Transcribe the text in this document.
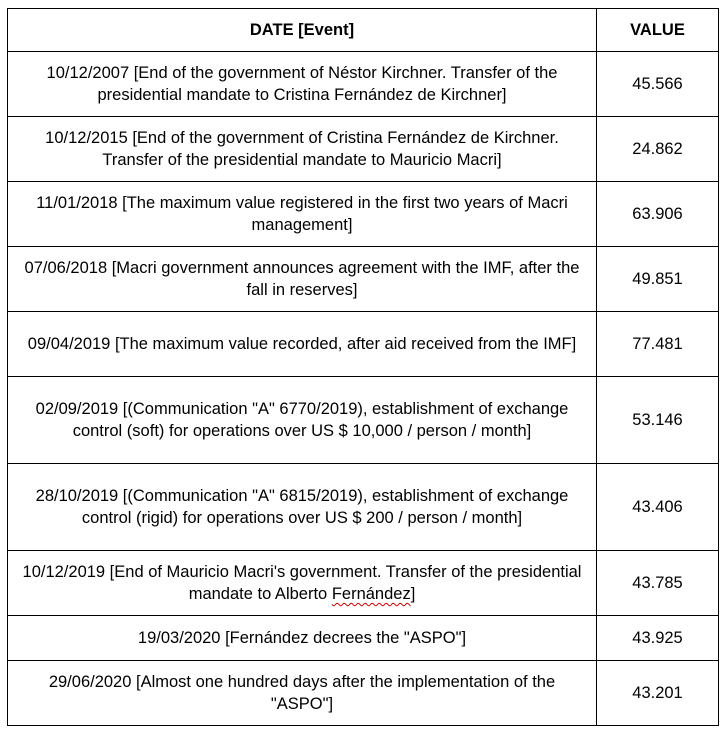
DATE [Event]	VALUE
10/12/2007 [End of the government of Néstor Kirchner. Transfer of the presidential mandate to Cristina Fernández de Kirchner]	45.566
10/12/2015 [End of the government of Cristina Fernández de Kirchner. Transfer of the presidential mandate to Mauricio Macri]	24.862
11/01/2018 [The maximum value registered in the first two years of Macri management]	63.906
07/06/2018 [Macri government announces agreement with the IMF, after the fall in reserves]	49.851
09/04/2019 [The maximum value recorded, after aid received from the IMF]	77.481
02/09/2019 [(Communication "A" 6770/2019), establishment of exchange control (soft) for operations over US $ 10,000 / person / month]	53.146
28/10/2019 [(Communication "A" 6815/2019), establishment of exchange control (rigid) for operations over US $ 200 / person / month]	43.406
10/12/2019 [End of Mauricio Macri's government. Transfer of the presidential mandate to Alberto Fernández]	43.785
19/03/2020 [Fernández decrees the "ASPO"]	43.925
29/06/2020 [Almost one hundred days after the implementation of the "ASPO"]	43.201
